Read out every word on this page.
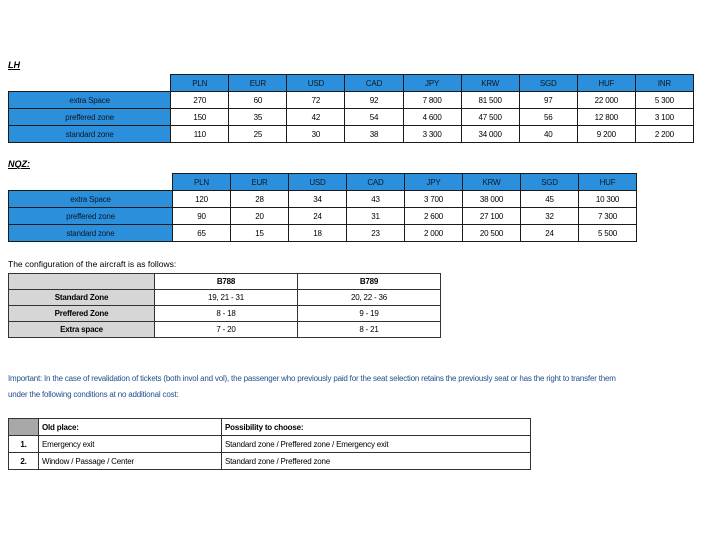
LH
	PLN	EUR	USD	CAD	JPY	KRW	SGD	HUF	INR
extra Space	270	60	72	92	7 800	81 500	97	22 000	5 300
preffered zone	150	35	42	54	4 600	47 500	56	12 800	3 100
standard zone	110	25	30	38	3 300	34 000	40	9 200	2 200
NQZ:
	PLN	EUR	USD	CAD	JPY	KRW	SGD	HUF
extra Space	120	28	34	43	3 700	38 000	45	10 300
preffered zone	90	20	24	31	2 600	27 100	32	7 300
standard zone	65	15	18	23	2 000	20 500	24	5 500
The configuration of the aircraft is as follows:
	B788	B789
Standard Zone	19, 21 - 31	20, 22 - 36
Preffered Zone	8 - 18	9 - 19
Extra space	7 - 20	8 - 21
Important: In the case of revalidation of tickets (both invol and vol), the passenger who previously paid for the seat selection retains the previously seat or has the right to transfer them
under the following conditions at no additional cost:
	Old place:	Possibility to choose:
1.	Emergency exit	Standard zone / Preffered zone / Emergency exit
2.	Window / Passage / Center	Standard zone / Preffered zone
